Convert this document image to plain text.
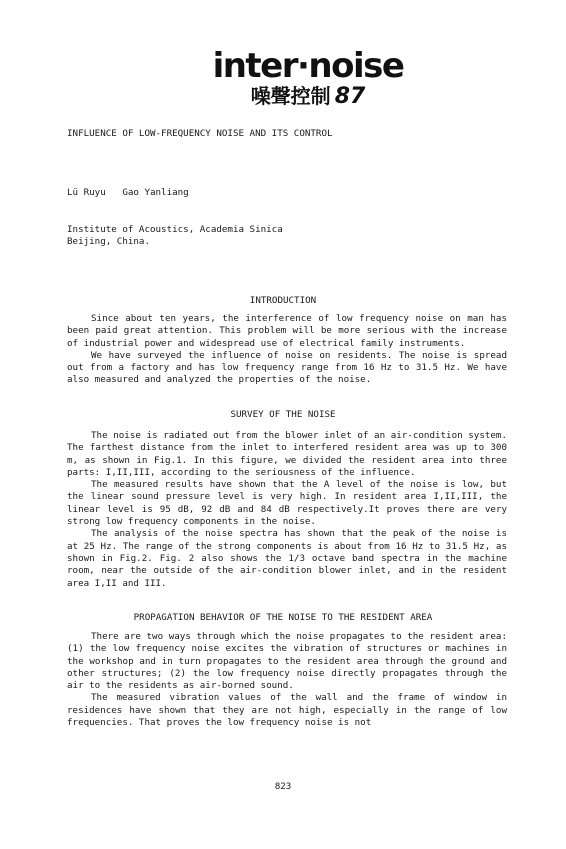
inter·noise
噪聲控制 87

INFLUENCE OF LOW-FREQUENCY NOISE AND ITS CONTROL

Lü Ruyu   Gao Yanliang

Institute of Acoustics, Academia Sinica

Beijing, China.

INTRODUCTION

Since about ten years, the interference of low frequency noise on man has been paid great attention. This problem will be more serious with the increase of industrial power and widespread use of electrical family instruments.

We have surveyed the influence of noise on residents. The noise is spread out from a factory and has low frequency range from 16 Hz to 31.5 Hz. We have also measured and analyzed the properties of the noise.

SURVEY OF THE NOISE

The noise is radiated out from the blower inlet of an air-condition system. The farthest distance from the inlet to interfered resident area was up to 300 m, as shown in Fig.1. In this figure, we divided the resident area into three parts: I,II,III, according to the seriousness of the influence.

The measured results have shown that the A level of the noise is low, but the linear sound pressure level is very high. In resident area I,II,III, the linear level is 95 dB, 92 dB and 84 dB respectively.It proves there are very strong low frequency components in the noise.

The analysis of the noise spectra has shown that the peak of the noise is at 25 Hz. The range of the strong components is about from 16 Hz to 31.5 Hz, as shown in Fig.2. Fig. 2 also shows the 1/3 octave band spectra in the machine room, near the outside of the air-condition blower inlet, and in the resident area I,II and III.

PROPAGATION BEHAVIOR OF THE NOISE TO THE RESIDENT AREA

There are two ways through which the noise propagates to the resident area: (1) the low frequency noise excites the vibration of structures or machines in the workshop and in turn propagates to the resident area through the ground and other structures; (2) the low frequency noise directly propagates through the air to the residents as air-borned sound.

The measured vibration values of the wall and the frame of window in residences have shown that they are not high, especially in the range of low frequencies. That proves the low frequency noise is not

823
